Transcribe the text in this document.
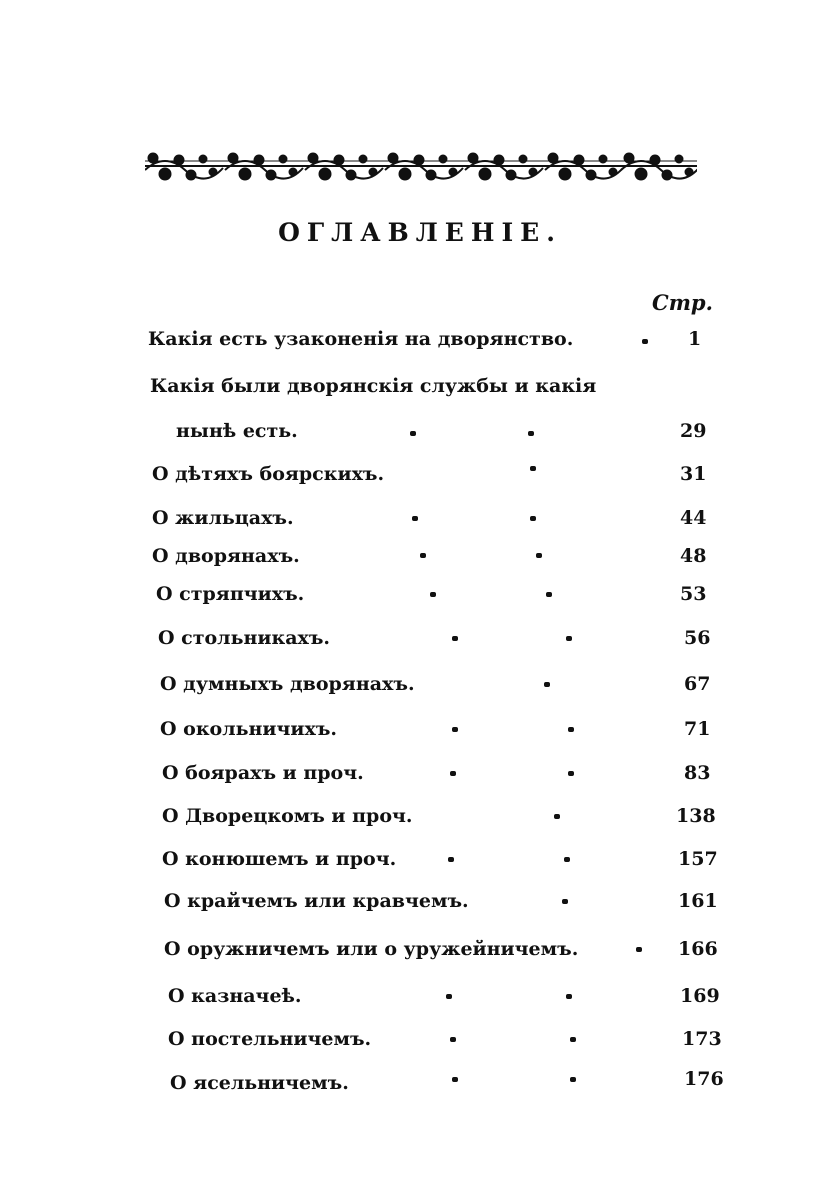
ОГЛАВЛЕНІЕ.
Стр.
Какія есть узаконенія на дворянство.	1
Какія были дворянскія службы и какія
нынѣ есть.	29
О дѣтяхъ боярскихъ.	31
О жильцахъ.	44
О дворянахъ.	48
О стряпчихъ.	53
О стольникахъ.	56
О думныхъ дворянахъ.	67
О окольничихъ.	71
О боярахъ и проч.	83
О Дворецкомъ и проч.	138
О конюшемъ и проч.	157
О крайчемъ или кравчемъ.	161
О оружничемъ или о уружейничемъ.	166
О казначеѣ.	169
О постельничемъ.	173
О ясельничемъ.	176
